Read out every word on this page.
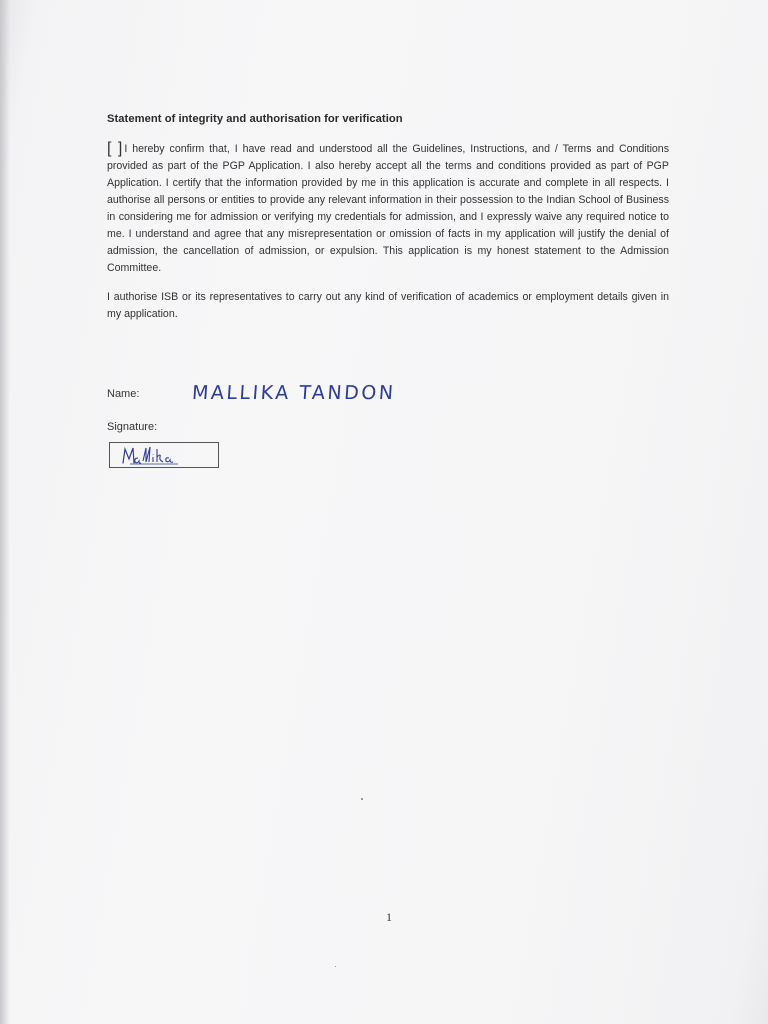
Statement of integrity and authorisation for verification

[ ] I hereby confirm that, I have read and understood all the Guidelines, Instructions, and / Terms and Conditions provided as part of the PGP Application. I also hereby accept all the terms and conditions provided as part of PGP Application. I certify that the information provided by me in this application is accurate and complete in all respects. I authorise all persons or entities to provide any relevant information in their possession to the Indian School of Business in considering me for admission or verifying my credentials for admission, and I expressly waive any required notice to me. I understand and agree that any misrepresentation or omission of facts in my application will justify the denial of admission, the cancellation of admission, or expulsion. This application is my honest statement to the Admission Committee.

I authorise ISB or its representatives to carry out any kind of verification of academics or employment details given in my application.

Name:	MALLIKA TANDON
Signature:
1
